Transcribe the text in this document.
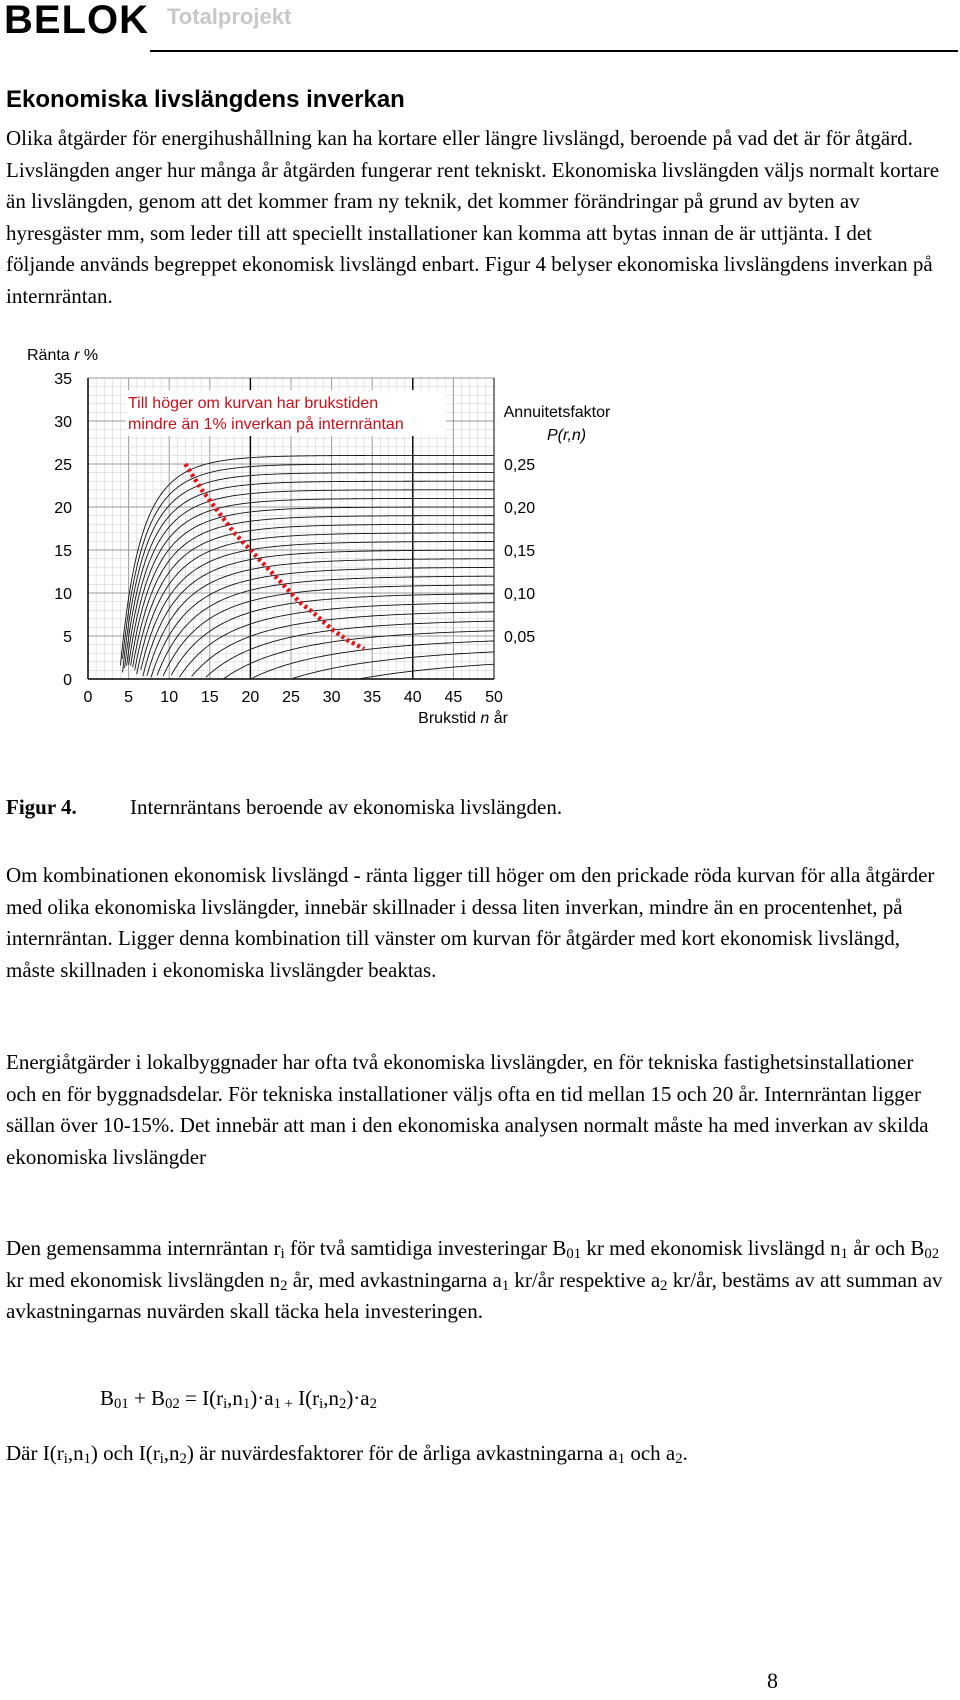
BELOK Totalprojekt
Ekonomiska livslängdens inverkan

Olika åtgärder för energihushållning kan ha kortare eller längre livslängd, beroende på vad det är för åtgärd. Livslängden anger hur många år åtgärden fungerar rent tekniskt. Ekonomiska livslängden väljs normalt kortare än livslängden, genom att det kommer fram ny teknik, det kommer förändringar på grund av byten av hyresgäster mm, som leder till att speciellt installationer kan komma att bytas innan de är uttjänta. I det följande används begreppet ekonomisk livslängd enbart. Figur 4 belyser ekonomiska livslängdens inverkan på internräntan.

0 5 10 15 20 25 30 35 40 45 50
0
5
10
15
20
25
30
35
0,05
0,10
0,15
0,20
0,25
Ränta r %
Brukstid n år
Annuitetsfaktor
P(r,n)
Till höger om kurvan har brukstiden
mindre än 1% inverkan på internräntan
Figur 4.	Internräntans beroende av ekonomiska livslängden.

Om kombinationen ekonomisk livslängd - ränta ligger till höger om den prickade röda kurvan för alla åtgärder med olika ekonomiska livslängder, innebär skillnader i dessa liten inverkan, mindre än en procentenhet, på internräntan. Ligger denna kombination till vänster om kurvan för åtgärder med kort ekonomisk livslängd, måste skillnaden i ekonomiska livslängder beaktas.

Energiåtgärder i lokalbyggnader har ofta två ekonomiska livslängder, en för tekniska fastighetsinstallationer och en för byggnadsdelar. För tekniska installationer väljs ofta en tid mellan 15 och 20 år. Internräntan ligger sällan över 10-15%. Det innebär att man i den ekonomiska analysen normalt måste ha med inverkan av skilda ekonomiska livslängder

Den gemensamma internräntan $r_i$ för två samtidiga investeringar $B_{01}$ kr med ekonomisk livslängd $n_1$ år och $B_{02}$ kr med ekonomisk livslängden $n_2$ år, med avkastningarna $a_1$ kr/år respektive $a_2$ kr/år, bestäms av att summan av avkastningarnas nuvärden skall täcka hela investeringen.

$B_{01} + B_{02} = I(r_i,n_1)\cdot a_{1 +}$ $I(r_i,n_2)\cdot a_2$
Där $I(r_i,n_1)$ och $I(r_i,n_2)$ är nuvärdesfaktorer för de årliga avkastningarna $a_1$ och $a_2$.
8
